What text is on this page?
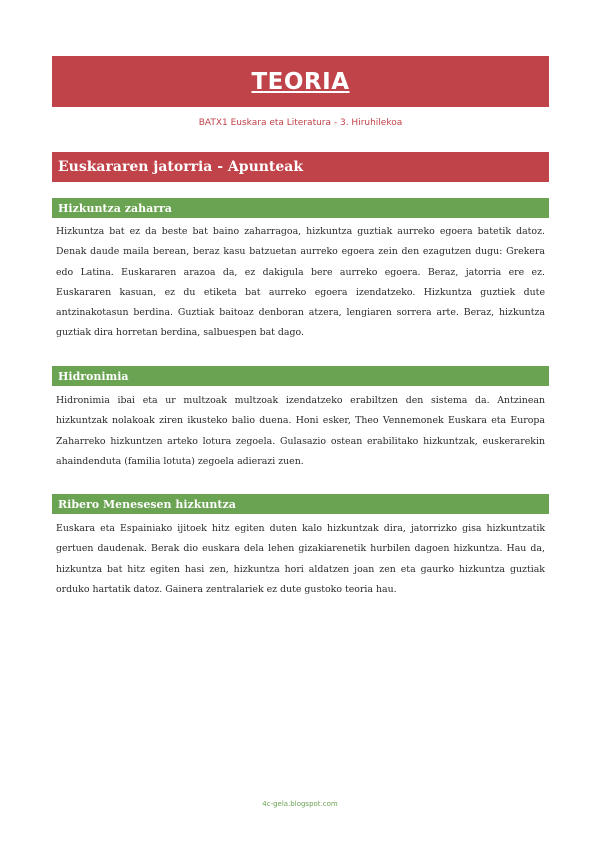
TEORIA
BATX1 Euskara eta Literatura - 3. Hiruhilekoa
Euskararen jatorria - Apunteak
Hizkuntza zaharra

Hizkuntza bat ez da beste bat baino zaharragoa, hizkuntza guztiak aurreko egoera batetik datoz. Denak daude maila berean, beraz kasu batzuetan aurreko egoera zein den ezagutzen dugu: Grekera edo Latina. Euskararen arazoa da, ez dakigula bere aurreko egoera. Beraz, jatorria ere ez. Euskararen kasuan, ez du etiketa bat aurreko egoera izendatzeko. Hizkuntza guztiek dute antzinakotasun berdina. Guztiak baitoaz denboran atzera, lengiaren sorrera arte. Beraz, hizkuntza guztiak dira horretan berdina, salbuespen bat dago.

Hidronimia

Hidronimia ibai eta ur multzoak multzoak izendatzeko erabiltzen den sistema da. Antzinean hizkuntzak nolakoak ziren ikusteko balio duena. Honi esker, Theo Vennemonek Euskara eta Europa Zaharreko hizkuntzen arteko lotura zegoela. Gulasazio ostean erabilitako hizkuntzak, euskerarekin ahaindenduta (familia lotuta) zegoela adierazi zuen.

Ribero Menesesen hizkuntza

Euskara eta Espainiako ijitoek hitz egiten duten kalo hizkuntzak dira, jatorrizko gisa hizkuntzatik gertuen daudenak. Berak dio euskara dela lehen gizakiarenetik hurbilen dagoen hizkuntza. Hau da, hizkuntza bat hitz egiten hasi zen, hizkuntza hori aldatzen joan zen eta gaurko hizkuntza guztiak orduko hartatik datoz. Gainera zentralariek ez dute gustoko teoria hau.

4c-gela.blogspot.com
